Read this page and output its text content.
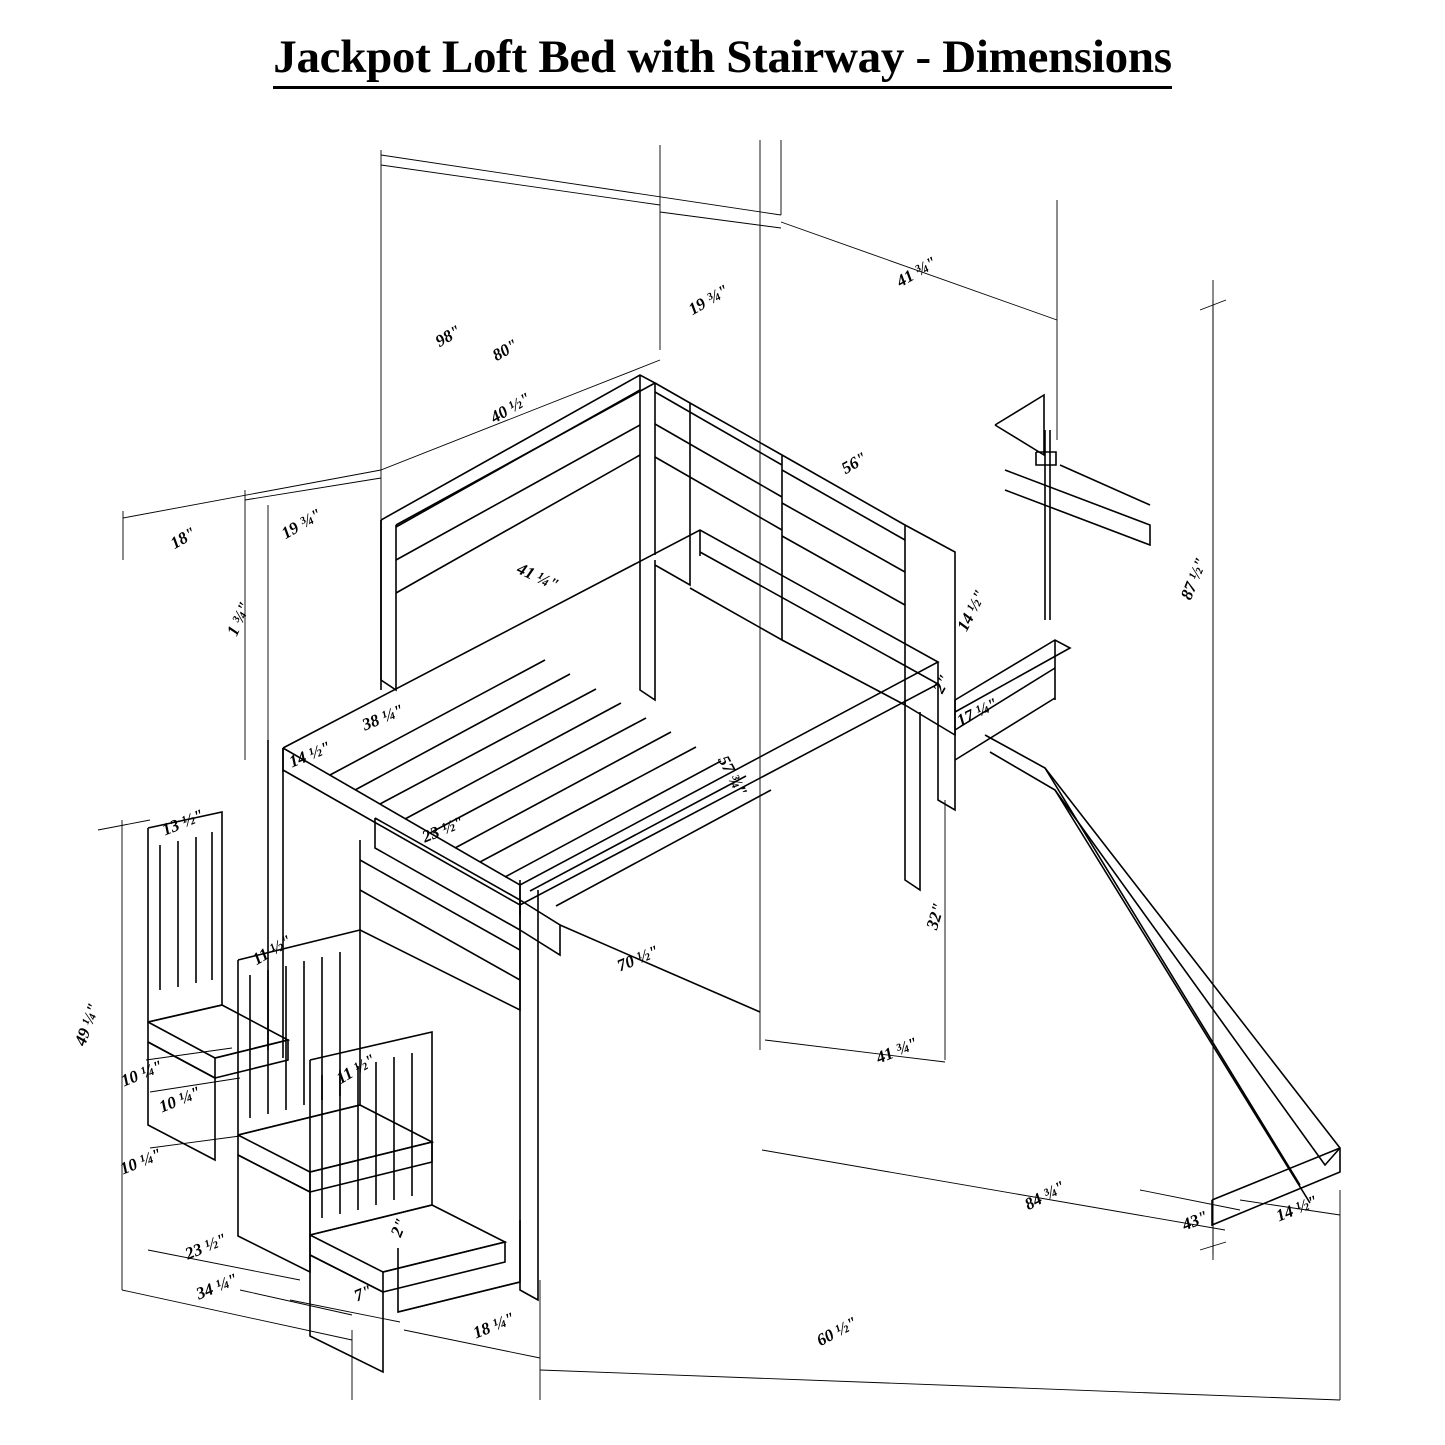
Jackpot Loft Bed with Stairway - Dimensions
98" 80"
19 ¾"
41 ¾"
40 ½"
18"	19 ¾"
56"
87 ½"
41 ¼"
1 ¾"	14 ½"
38 ¼"
2"
17 ¼"
14 ½"	57 ¾"
23 ½"
13 ½"
32"
70 ½"
11 ½"
49 ¼"
10 ¼"	11 ½"
10 ¼"
41 ¾"
10 ¼"
2"
84 ¾"
43"	14 ½"
23 ½"
7"
34 ¼"
18 ¼"	60 ½"
